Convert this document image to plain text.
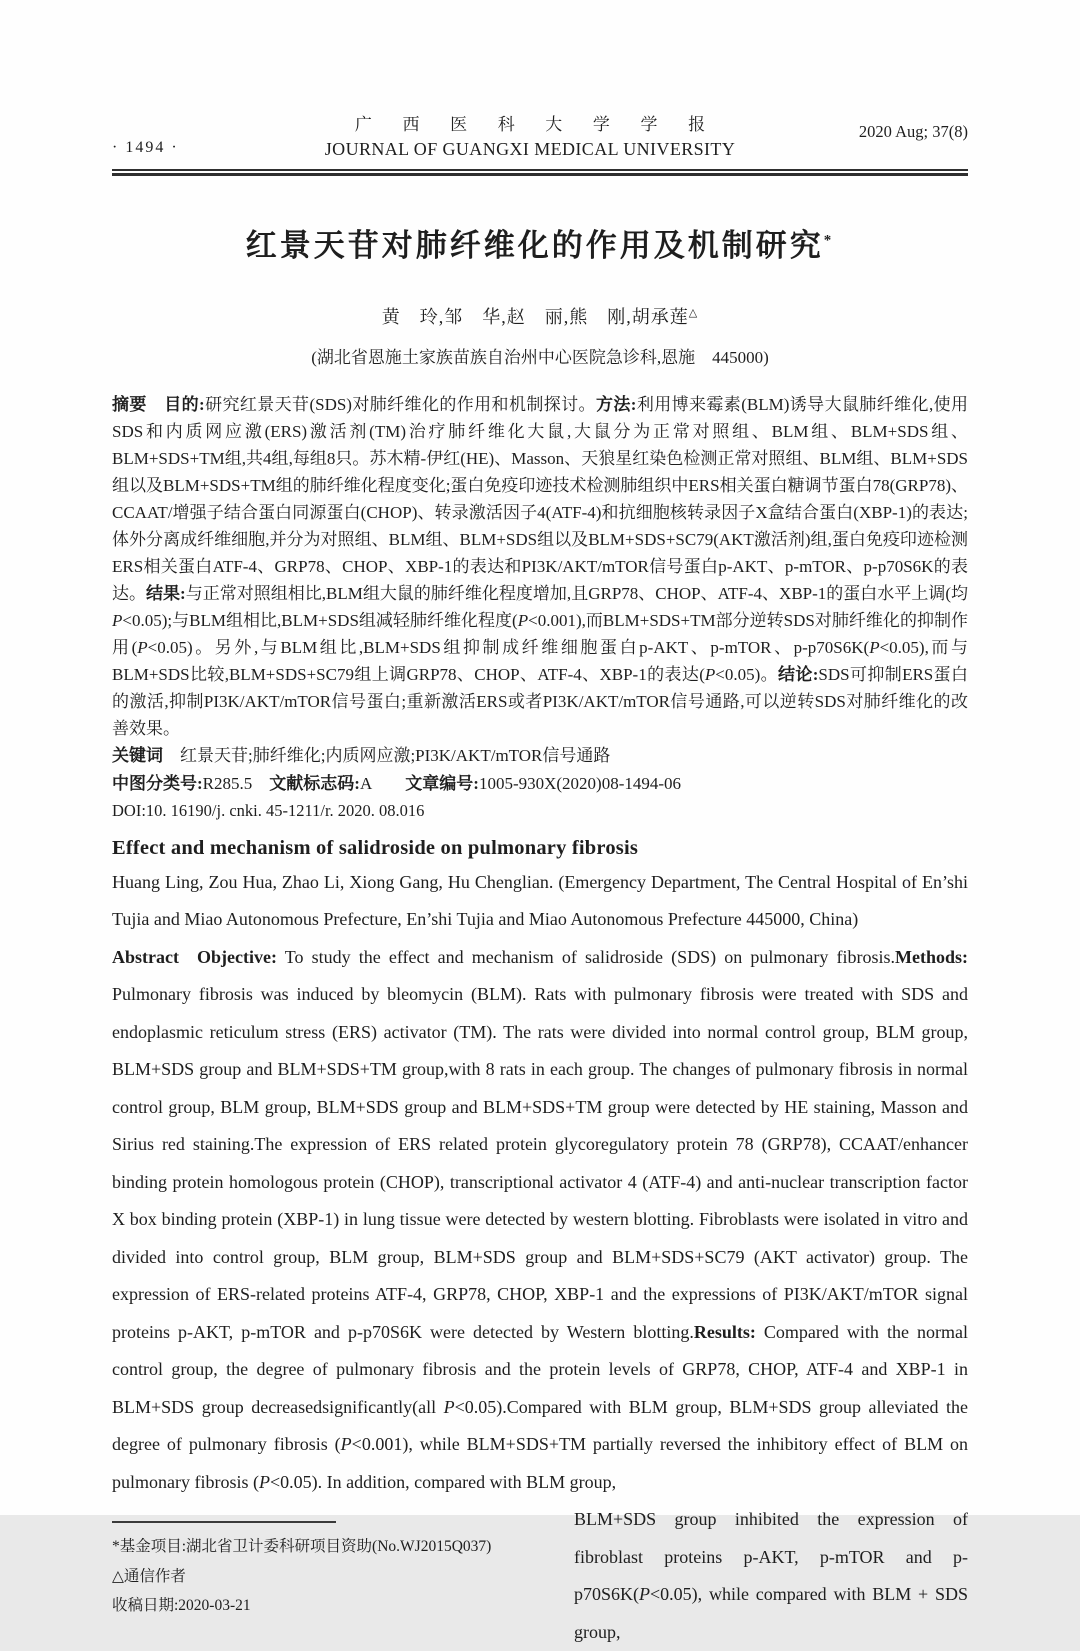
· 1494 ·
广西医科大学学报
JOURNAL OF GUANGXI MEDICAL UNIVERSITY
2020 Aug; 37(8)
红景天苷对肺纤维化的作用及机制研究*
黄　玲,邹　华,赵　丽,熊　刚,胡承莲△
(湖北省恩施土家族苗族自治州中心医院急诊科,恩施　445000)

摘要　 目的:研究红景天苷(SDS)对肺纤维化的作用和机制探讨。方法:利用博来霉素(BLM)诱导大鼠肺纤维化,使用SDS和内质网应激(ERS)激活剂(TM)治疗肺纤维化大鼠,大鼠分为正常对照组、BLM组、BLM+SDS组、BLM+SDS+TM组,共4组,每组8只。苏木精-伊红(HE)、Masson、天狼星红染色检测正常对照组、BLM组、BLM+SDS组以及BLM+SDS+TM组的肺纤维化程度变化;蛋白免疫印迹技术检测肺组织中ERS相关蛋白糖调节蛋白78(GRP78)、CCAAT/增强子结合蛋白同源蛋白(CHOP)、转录激活因子4(ATF-4)和抗细胞核转录因子X盒结合蛋白(XBP-1)的表达;体外分离成纤维细胞,并分为对照组、BLM组、BLM+SDS组以及BLM+SDS+SC79(AKT激活剂)组,蛋白免疫印迹检测ERS相关蛋白ATF-4、GRP78、CHOP、XBP-1的表达和PI3K/AKT/mTOR信号蛋白p-AKT、p-mTOR、p-p70S6K的表达。结果:与正常对照组相比,BLM组大鼠的肺纤维化程度增加,且GRP78、CHOP、ATF-4、XBP-1的蛋白水平上调(均P<0.05);与BLM组相比,BLM+SDS组减轻肺纤维化程度(P<0.001),而BLM+SDS+TM部分逆转SDS对肺纤维化的抑制作用(P<0.05)。另外,与BLM组比,BLM+SDS组抑制成纤维细胞蛋白p-AKT、p-mTOR、p-p70S6K(P<0.05),而与BLM+SDS比较,BLM+SDS+SC79组上调GRP78、CHOP、ATF-4、XBP-1的表达(P<0.05)。结论:SDS可抑制ERS蛋白的激活,抑制PI3K/AKT/mTOR信号蛋白;重新激活ERS或者PI3K/AKT/mTOR信号通路,可以逆转SDS对肺纤维化的改善效果。

关键词　红景天苷;肺纤维化;内质网应激;PI3K/AKT/mTOR信号通路
中图分类号:R285.5　文献标志码:A　　文章编号:1005-930X(2020)08-1494-06
DOI:10. 16190/j. cnki. 45-1211/r. 2020. 08.016
Effect and mechanism of salidroside on pulmonary fibrosis

Huang Ling, Zou Hua, Zhao Li, Xiong Gang, Hu Chenglian. (Emergency Department, The Central Hospital of En’shi Tujia and Miao Autonomous Prefecture, En’shi Tujia and Miao Autonomous Prefecture 445000, China)

Abstract  Objective: To study the effect and mechanism of salidroside (SDS) on pulmonary fibrosis.Methods: Pulmonary fibrosis was induced by bleomycin (BLM). Rats with pulmonary fibrosis were treated with SDS and endoplasmic reticulum stress (ERS) activator (TM). The rats were divided into normal control group, BLM group, BLM+SDS group and BLM+SDS+TM group,with 8 rats in each group. The changes of pulmonary fibrosis in normal control group, BLM group, BLM+SDS group and BLM+SDS+TM group were detected by HE staining, Masson and Sirius red staining.The expression of ERS related protein glycoregulatory protein 78 (GRP78), CCAAT/enhancer binding protein homologous protein (CHOP), transcriptional activator 4 (ATF-4) and anti-nuclear transcription factor X box binding protein (XBP-1) in lung tissue were detected by western blotting. Fibroblasts were isolated in vitro and divided into control group, BLM group, BLM+SDS group and BLM+SDS+SC79 (AKT activator) group. The expression of ERS-related proteins ATF-4, GRP78, CHOP, XBP-1 and the expressions of PI3K/AKT/mTOR signal proteins p-AKT, p-mTOR and p-p70S6K were detected by Western blotting.Results: Compared with the normal control group, the degree of pulmonary fibrosis and the protein levels of GRP78, CHOP, ATF-4 and XBP-1 in BLM+SDS group decreasedsignificantly(all P<0.05).Compared with BLM group, BLM+SDS group alleviated the degree of pulmonary fibrosis (P<0.001), while BLM+SDS+TM partially reversed the inhibitory effect of BLM on pulmonary fibrosis (P<0.05). In addition, compared with BLM group,

*基金项目:湖北省卫计委科研项目资助(No.WJ2015Q037)
△通信作者
收稿日期:2020-03-21

BLM+SDS group inhibited the expression of fibroblast proteins p-AKT, p-mTOR and p-p70S6K(P<0.05), while compared with BLM + SDS group,
